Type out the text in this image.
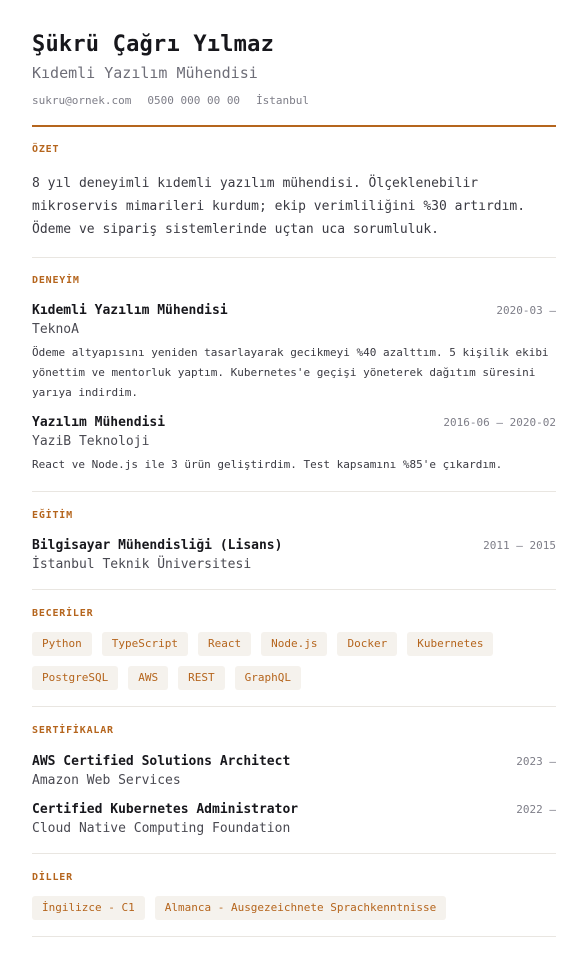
Şükrü Çağrı Yılmaz
Kıdemli Yazılım Mühendisi
sukru@ornek.com 0500 000 00 00 İstanbul
ÖZET
8 yıl deneyimli kıdemli yazılım mühendisi. Ölçeklenebilir mikroservis mimarileri kurdum; ekip verimliliğini %30 artırdım. Ödeme ve sipariş sistemlerinde uçtan uca sorumluluk.
DENEYİM
Kıdemli Yazılım Mühendisi	2020-03 –
TeknoA
Ödeme altyapısını yeniden tasarlayarak gecikmeyi %40 azalttım. 5 kişilik ekibi yönettim ve mentorluk yaptım. Kubernetes'e geçişi yöneterek dağıtım süresini yarıya indirdim.
Yazılım Mühendisi	2016-06 – 2020-02
YaziB Teknoloji
React ve Node.js ile 3 ürün geliştirdim. Test kapsamını %85'e çıkardım.
EĞİTİM
Bilgisayar Mühendisliği (Lisans)	2011 – 2015
İstanbul Teknik Üniversitesi
BECERİLER
Python	TypeScript	React	Node.js	Docker	Kubernetes
PostgreSQL	AWS	REST	GraphQL
SERTİFİKALAR
AWS Certified Solutions Architect	2023 –
Amazon Web Services
Certified Kubernetes Administrator	2022 –
Cloud Native Computing Foundation
DİLLER
İngilizce - C1	Almanca - Ausgezeichnete Sprachkenntnisse
